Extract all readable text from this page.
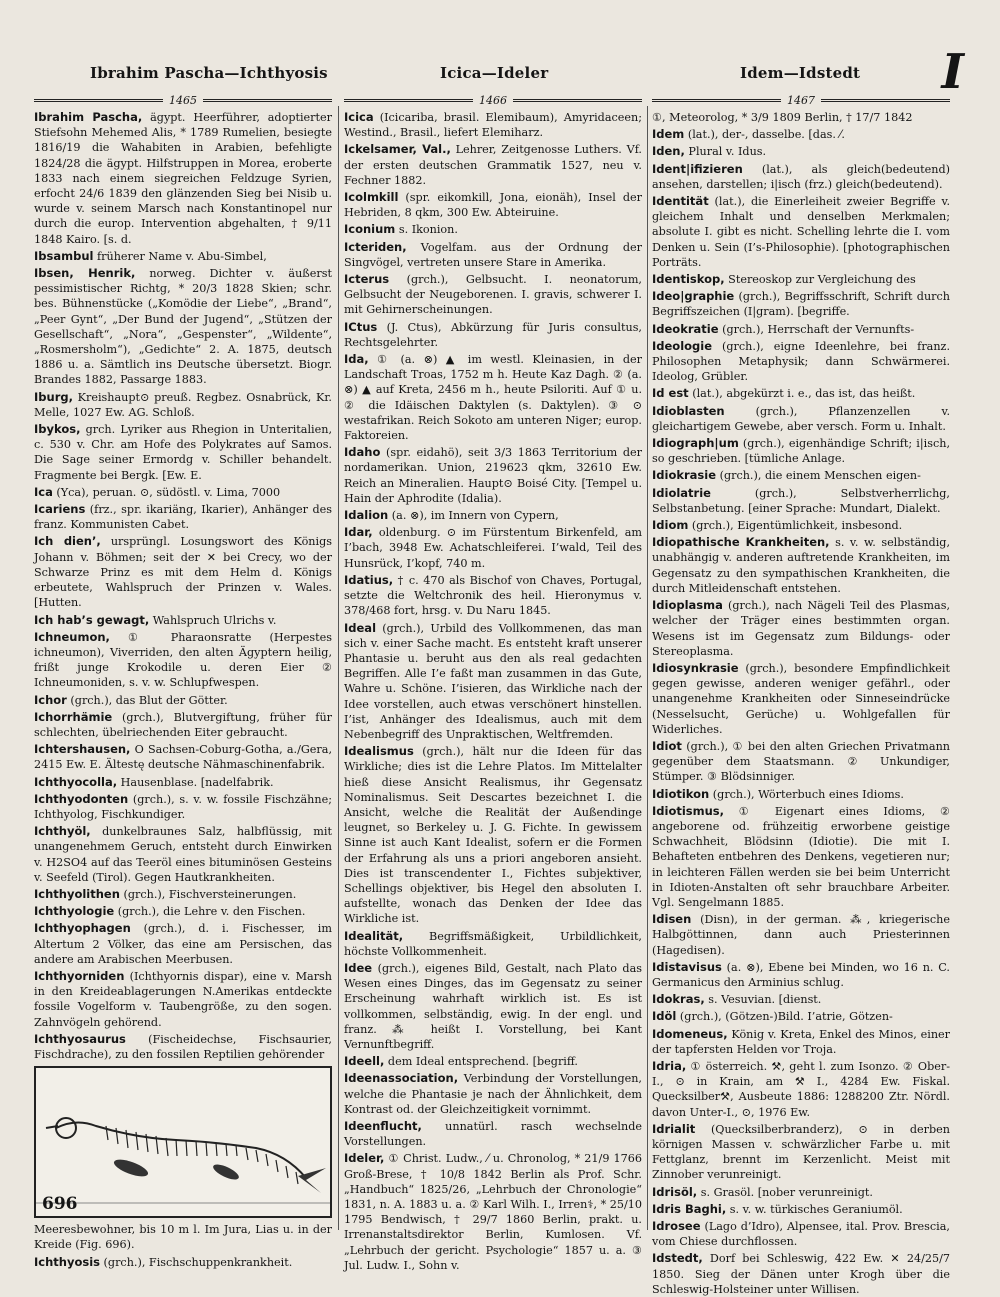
Ibrahim Pascha—Ichthyosis	Icica—Ideler	Idem—Idstedt I
1465	1466	1467

Ibrahim Pascha, ägypt. Heerführer, adoptierter Stiefsohn Mehemed Alis, * 1789 Rumelien, besiegte 1816/19 die Wahabiten in Arabien, befehligte 1824/28 die ägypt. Hilfstruppen in Morea, eroberte 1833 nach einem siegreichen Feldzuge Syrien, erfocht 24/6 1839 den glänzenden Sieg bei Nisib u. wurde v. seinem Marsch nach Konstantinopel nur durch die europ. Intervention abgehalten, † 9/11 1848 Kairo. [s. d.

Ibsambul früherer Name v. Abu-Simbel,

Ibsen, Henrik, norweg. Dichter v. äußerst pessimistischer Richtg, * 20/3 1828 Skien; schr. bes. Bühnenstücke („Komödie der Liebe“, „Brand“, „Peer Gynt“, „Der Bund der Jugend“, „Stützen der Gesellschaft“, „Nora“, „Gespenster“, „Wildente“, „Rosmersholm“), „Gedichte“ 2. A. 1875, deutsch 1886 u. a. Sämtlich ins Deutsche übersetzt. Biogr. Brandes 1882, Passarge 1883.

Iburg, Kreishaupt⊙ preuß. Regbez. Osnabrück, Kr. Melle, 1027 Ew. AG. Schloß.

Ibykos, grch. Lyriker aus Rhegion in Unteritalien, c. 530 v. Chr. am Hofe des Polykrates auf Samos. Die Sage seiner Ermordg v. Schiller behandelt. Fragmente bei Bergk. [Ew. E.

Ica (Yca), peruan. ⊙, südöstl. v. Lima, 7000

Icariens (frz., spr. ikariäng, Ikarier), Anhänger des franz. Kommunisten Cabet.

Ich dien’, ursprüngl. Losungswort des Königs Johann v. Böhmen; seit der ✕ bei Crecy, wo der Schwarze Prinz es mit dem Helm d. Königs erbeutete, Wahlspruch der Prinzen v. Wales. [Hutten.

Ich hab’s gewagt, Wahlspruch Ulrichs v.

Ichneumon, ① Pharaonsratte (Herpestes ichneumon), Viverriden, den alten Ägyptern heilig, frißt junge Krokodile u. deren Eier ② Ichneumoniden, s. v. w. Schlupfwespen.

Ichor (grch.), das Blut der Götter.

Ichorrhämie (grch.), Blutvergiftung, früher für schlechten, übelriechenden Eiter gebraucht.

Ichtershausen, O Sachsen-Coburg-Gotha, a./Gera, 2415 Ew. E. Ältestę deutsche Nähmaschinenfabrik.

Ichthyocolla, Hausenblase. [nadelfabrik.

Ichthyodonten (grch.), s. v. w. fossile Fischzähne; Ichthyolog, Fischkundiger.

Ichthyöl, dunkelbraunes Salz, halbflüssig, mit unangenehmem Geruch, entsteht durch Einwirken v. H2SO4 auf das Teeröl eines bituminösen Gesteins v. Seefeld (Tirol). Gegen Hautkrankheiten.

Ichthyolithen (grch.), Fischversteinerungen.

Ichthyologie (grch.), die Lehre v. den Fischen.

Ichthyophagen (grch.), d. i. Fischesser, im Altertum 2 Völker, das eine am Persischen, das andere am Arabischen Meerbusen.

Ichthyorniden (Ichthyornis dispar), eine v. Marsh in den Kreideablagerungen N.Amerikas entdeckte fossile Vogelform v. Taubengröße, zu den sogen. Zahnvögeln gehörend.

Ichthyosaurus (Fischeidechse, Fischsaurier, Fischdrache), zu den fossilen Reptilien gehörender

696

Meeresbewohner, bis 10 m l. Im Jura, Lias u. in der Kreide (Fig. 696).

Ichthyosis (grch.), Fischschuppenkrankheit.

Icica (Icicariba, brasil. Elemibaum), Amyridaceen; Westind., Brasil., liefert Elemiharz.

Ickelsamer, Val., Lehrer, Zeitgenosse Luthers. Vf. der ersten deutschen Grammatik 1527, neu v. Fechner 1882.

Icolmkill (spr. eikomkill, Jona, eionäh), Insel der Hebriden, 8 qkm, 300 Ew. Abteiruine.

Iconium s. Ikonion.

Icteriden, Vogelfam. aus der Ordnung der Singvögel, vertreten unsere Stare in Amerika.

Icterus (grch.), Gelbsucht. I. neonatorum, Gelbsucht der Neugeborenen. I. gravis, schwerer I. mit Gehirnerscheinungen.

ICtus (J. Ctus), Abkürzung für Juris consultus, Rechtsgelehrter.

Ida, ① (a. ⊗) ▲ im westl. Kleinasien, in der Landschaft Troas, 1752 m h. Heute Kaz Dagh. ② (a. ⊗) ▲ auf Kreta, 2456 m h., heute Psiloriti. Auf ① u. ② die Idäischen Daktylen (s. Daktylen). ③ ⊙ westafrikan. Reich Sokoto am unteren Niger; europ. Faktoreien.

Idaho (spr. eidahö), seit 3/3 1863 Territorium der nordamerikan. Union, 219623 qkm, 32610 Ew. Reich an Mineralien. Haupt⊙ Boisé City. [Tempel u. Hain der Aphrodite (Idalia).

Idalion (a. ⊗), im Innern von Cypern,

Idar, oldenburg. ⊙ im Fürstentum Birkenfeld, am I’bach, 3948 Ew. Achatschleiferei. I’wald, Teil des Hunsrück, I’kopf, 740 m.

Idatius, † c. 470 als Bischof von Chaves, Portugal, setzte die Weltchronik des heil. Hieronymus v. 378/468 fort, hrsg. v. Du Naru 1845.

Ideal (grch.), Urbild des Vollkommenen, das man sich v. einer Sache macht. Es entsteht kraft unserer Phantasie u. beruht aus den als real gedachten Begriffen. Alle I’e faßt man zusammen in das Gute, Wahre u. Schöne. I’isieren, das Wirkliche nach der Idee vorstellen, auch etwas verschönert hinstellen. I’ist, Anhänger des Idealismus, auch mit dem Nebenbegriff des Unpraktischen, Weltfremden.

Idealismus (grch.), hält nur die Ideen für das Wirkliche; dies ist die Lehre Platos. Im Mittelalter hieß diese Ansicht Realismus, ihr Gegensatz Nominalismus. Seit Descartes bezeichnet I. die Ansicht, welche die Realität der Außendinge leugnet, so Berkeley u. J. G. Fichte. In gewissem Sinne ist auch Kant Idealist, sofern er die Formen der Erfahrung als uns a priori angeboren ansieht. Dies ist transcendenter I., Fichtes subjektiver, Schellings objektiver, bis Hegel den absoluten I. aufstellte, wonach das Denken der Idee das Wirkliche ist.

Idealität, Begriffsmäßigkeit, Urbildlichkeit, höchste Vollkommenheit.

Idee (grch.), eigenes Bild, Gestalt, nach Plato das Wesen eines Dinges, das im Gegensatz zu seiner Erscheinung wahrhaft wirklich ist. Es ist vollkommen, selbständig, ewig. In der engl. und franz. ⁂ heißt I. Vorstellung, bei Kant Vernunftbegriff.

Ideell, dem Ideal entsprechend. [begriff.

Ideenassociation, Verbindung der Vorstellungen, welche die Phantasie je nach der Ähnlichkeit, dem Kontrast od. der Gleichzeitigkeit vornimmt.

Ideenflucht, unnatürl. rasch wechselnde Vorstellungen.

Ideler, ① Christ. Ludw., ⁄ u. Chronolog, * 21/9 1766 Groß-Brese, † 10/8 1842 Berlin als Prof. Schr. „Handbuch“ 1825/26, „Lehrbuch der Chronologie“ 1831, n. A. 1883 u. a. ② Karl Wilh. I., Irren⚕, * 25/10 1795 Bendwisch, † 29/7 1860 Berlin, prakt. u. Irrenanstaltsdirektor Berlin, Kumlosen. Vf. „Lehrbuch der gericht. Psychologie“ 1857 u. a. ③ Jul. Ludw. I., Sohn v.

①, Meteorolog, * 3/9 1809 Berlin, † 17/7 1842

Idem (lat.), der-, dasselbe. [das. ⁄.

Iden, Plural v. Idus.

Ident|ifizieren (lat.), als gleich(bedeutend) ansehen, darstellen; i|isch (frz.) gleich(bedeutend).

Identität (lat.), die Einerleiheit zweier Begriffe v. gleichem Inhalt und denselben Merkmalen; absolute I. gibt es nicht. Schelling lehrte die I. vom Denken u. Sein (I’s-Philosophie). [photographischen Porträts.

Identiskop, Stereoskop zur Vergleichung des

Ideo|graphie (grch.), Begriffsschrift, Schrift durch Begriffszeichen (I|gram). [begriffe.

Ideokratie (grch.), Herrschaft der Vernunfts-

Ideologie (grch.), eigne Ideenlehre, bei franz. Philosophen Metaphysik; dann Schwärmerei. Ideolog, Grübler.

Id est (lat.), abgekürzt i. e., das ist, das heißt.

Idioblasten (grch.), Pflanzenzellen v. gleichartigem Gewebe, aber versch. Form u. Inhalt.

Idiograph|um (grch.), eigenhändige Schrift; i|isch, so geschrieben. [tümliche Anlage.

Idiokrasie (grch.), die einem Menschen eigen-

Idiolatrie (grch.), Selbstverherrlichg, Selbstanbetung. [einer Sprache: Mundart, Dialekt.

Idiom (grch.), Eigentümlichkeit, insbesond.

Idiopathische Krankheiten, s. v. w. selbständig, unabhängig v. anderen auftretende Krankheiten, im Gegensatz zu den sympathischen Krankheiten, die durch Mitleidenschaft entstehen.

Idioplasma (grch.), nach Nägeli Teil des Plasmas, welcher der Träger eines bestimmten organ. Wesens ist im Gegensatz zum Bildungs- oder Stereoplasma.

Idiosynkrasie (grch.), besondere Empfindlichkeit gegen gewisse, anderen weniger gefährl., oder unangenehme Krankheiten oder Sinneseindrücke (Nesselsucht, Gerüche) u. Wohlgefallen für Widerliches.

Idiot (grch.), ① bei den alten Griechen Privatmann gegenüber dem Staatsmann. ② Unkundiger, Stümper. ③ Blödsinniger.

Idiotikon (grch.), Wörterbuch eines Idioms.

Idiotismus, ① Eigenart eines Idioms, ② angeborene od. frühzeitig erworbene geistige Schwachheit, Blödsinn (Idiotie). Die mit I. Behafteten entbehren des Denkens, vegetieren nur; in leichteren Fällen werden sie bei beim Unterricht in Idioten-Anstalten oft sehr brauchbare Arbeiter. Vgl. Sengelmann 1885.

Idisen (Disn), in der german. ⁂, kriegerische Halbgöttinnen, dann auch Priesterinnen (Hagedisen).

Idistavisus (a. ⊗), Ebene bei Minden, wo 16 n. C. Germanicus den Arminius schlug.

Idokras, s. Vesuvian. [dienst.

Idöl (grch.), (Götzen-)Bild. I’atrie, Götzen-

Idomeneus, König v. Kreta, Enkel des Minos, einer der tapfersten Helden vor Troja.

Idria, ① österreich. ⚒, geht l. zum Isonzo. ② Ober-I., ⊙ in Krain, am ⚒ I., 4284 Ew. Fiskal. Quecksilber⚒, Ausbeute 1886: 1288200 Ztr. Nördl. davon Unter-I., ⊙, 1976 Ew.

Idrialit (Quecksilberbranderz), ⊙ in derben körnigen Massen v. schwärzlicher Farbe u. mit Fettglanz, brennt im Kerzenlicht. Meist mit Zinnober verunreinigt.

Idrisöl, s. Grasöl. [nober verunreinigt.

Idris Baghi, s. v. w. türkisches Geraniumöl.

Idrosee (Lago d’Idro), Alpensee, ital. Prov. Brescia, vom Chiese durchflossen.

Idstedt, Dorf bei Schleswig, 422 Ew. ✕ 24/25/7 1850. Sieg der Dänen unter Krogh über die Schleswig-Holsteiner unter Willisen.
